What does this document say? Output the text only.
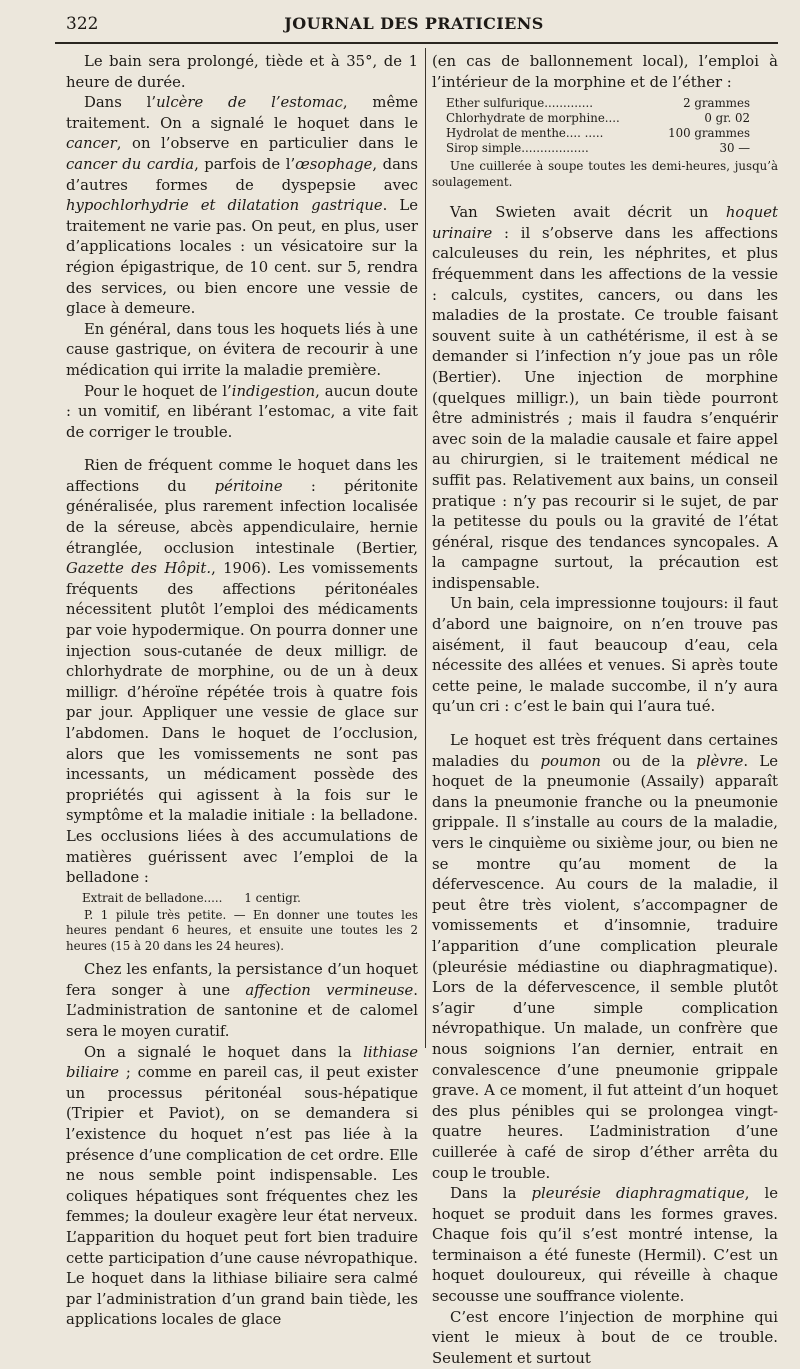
322	JOURNAL DES PRATICIENS

Le bain sera prolongé, tiède et à 35°, de 1 heure de durée.

Dans l’ulcère de l’estomac, même traitement. On a signalé le hoquet dans le cancer, on l’observe en particulier dans le cancer du cardia, parfois de l’œsophage, dans d’autres formes de dyspepsie avec hypochlorhydrie et dilatation gastrique. Le traitement ne varie pas. On peut, en plus, user d’applications locales : un vésicatoire sur la région épigastrique, de 10 cent. sur 5, rendra des services, ou bien encore une vessie de glace à demeure.

En général, dans tous les hoquets liés à une cause gastrique, on évitera de recourir à une médication qui irrite la maladie première.

Pour le hoquet de l’indigestion, aucun doute : un vomitif, en libérant l’estomac, a vite fait de corriger le trouble.

Rien de fréquent comme le hoquet dans les affections du péritoine : péritonite généralisée, plus rarement infection localisée de la séreuse, abcès appendiculaire, hernie étranglée, occlusion intestinale (Bertier, Gazette des Hôpit., 1906). Les vomissements fréquents des affections péritonéales nécessitent plutôt l’emploi des médicaments par voie hypodermique. On pourra donner une injection sous-cutanée de deux milligr. de chlorhydrate de morphine, ou de un à deux milligr. d’héroïne répétée trois à quatre fois par jour. Appliquer une vessie de glace sur l’abdomen. Dans le hoquet de l’occlusion, alors que les vomissements ne sont pas incessants, un médicament possède des propriétés qui agissent à la fois sur le symptôme et la maladie initiale : la belladone. Les occlusions liées à des accumulations de matières guérissent avec l’emploi de la belladone :

Extrait de belladone..... 1 centigr.

P. 1 pilule très petite. — En donner une toutes les heures pendant 6 heures, et ensuite une toutes les 2 heures (15 à 20 dans les 24 heures).

Chez les enfants, la persistance d’un hoquet fera songer à une affection vermineuse. L’administration de santonine et de calomel sera le moyen curatif.

On a signalé le hoquet dans la lithiase biliaire ; comme en pareil cas, il peut exister un processus péritonéal sous-hépatique (Tripier et Paviot), on se demandera si l’existence du hoquet n’est pas liée à la présence d’une complication de cet ordre. Elle ne nous semble point indispensable. Les coliques hépatiques sont fréquentes chez les femmes; la douleur exagère leur état nerveux. L’apparition du hoquet peut fort bien traduire cette participation d’une cause névropathique. Le hoquet dans la lithiase biliaire sera calmé par l’administration d’un grand bain tiède, les applications locales de glace

(en cas de ballonnement local), l’emploi à l’intérieur de la morphine et de l’éther :

Ether sulfurique.............	2 grammes
Chlorhydrate de morphine....	0 gr. 02
Hydrolat de menthe.... .....	100 grammes
Sirop simple..................	30 —

Une cuillerée à soupe toutes les demi-heures, jusqu’à soulagement.

Van Swieten avait décrit un hoquet urinaire : il s’observe dans les affections calculeuses du rein, les néphrites, et plus fréquemment dans les affections de la vessie : calculs, cystites, cancers, ou dans les maladies de la prostate. Ce trouble faisant souvent suite à un cathétérisme, il est à se demander si l’infection n’y joue pas un rôle (Bertier). Une injection de morphine (quelques milligr.), un bain tiède pourront être administrés ; mais il faudra s’enquérir avec soin de la maladie causale et faire appel au chirurgien, si le traitement médical ne suffit pas. Relativement aux bains, un conseil pratique : n’y pas recourir si le sujet, de par la petitesse du pouls ou la gravité de l’état général, risque des tendances syncopales. A la campagne surtout, la précaution est indispensable.

Un bain, cela impressionne toujours: il faut d’abord une baignoire, on n’en trouve pas aisément, il faut beaucoup d’eau, cela nécessite des allées et venues. Si après toute cette peine, le malade succombe, il n’y aura qu’un cri : c’est le bain qui l’aura tué.

Le hoquet est très fréquent dans certaines maladies du poumon ou de la plèvre. Le hoquet de la pneumonie (Assaily) apparaît dans la pneumonie franche ou la pneumonie grippale. Il s’installe au cours de la maladie, vers le cinquième ou sixième jour, ou bien ne se montre qu’au moment de la défervescence. Au cours de la maladie, il peut être très violent, s’accompagner de vomissements et d’insomnie, traduire l’apparition d’une complication pleurale (pleurésie médiastine ou diaphragmatique). Lors de la défervescence, il semble plutôt s’agir d’une simple complication névropathique. Un malade, un confrère que nous soignions l’an dernier, entrait en convalescence d’une pneumonie grippale grave. A ce moment, il fut atteint d’un hoquet des plus pénibles qui se prolongea vingt-quatre heures. L’administration d’une cuillerée à café de sirop d’éther arrêta du coup le trouble.

Dans la pleurésie diaphragmatique, le hoquet se produit dans les formes graves. Chaque fois qu’il s’est montré intense, la terminaison a été funeste (Hermil). C’est un hoquet douloureux, qui réveille à chaque secousse une souffrance violente.

C’est encore l’injection de morphine qui vient le mieux à bout de ce trouble. Seulement et surtout
